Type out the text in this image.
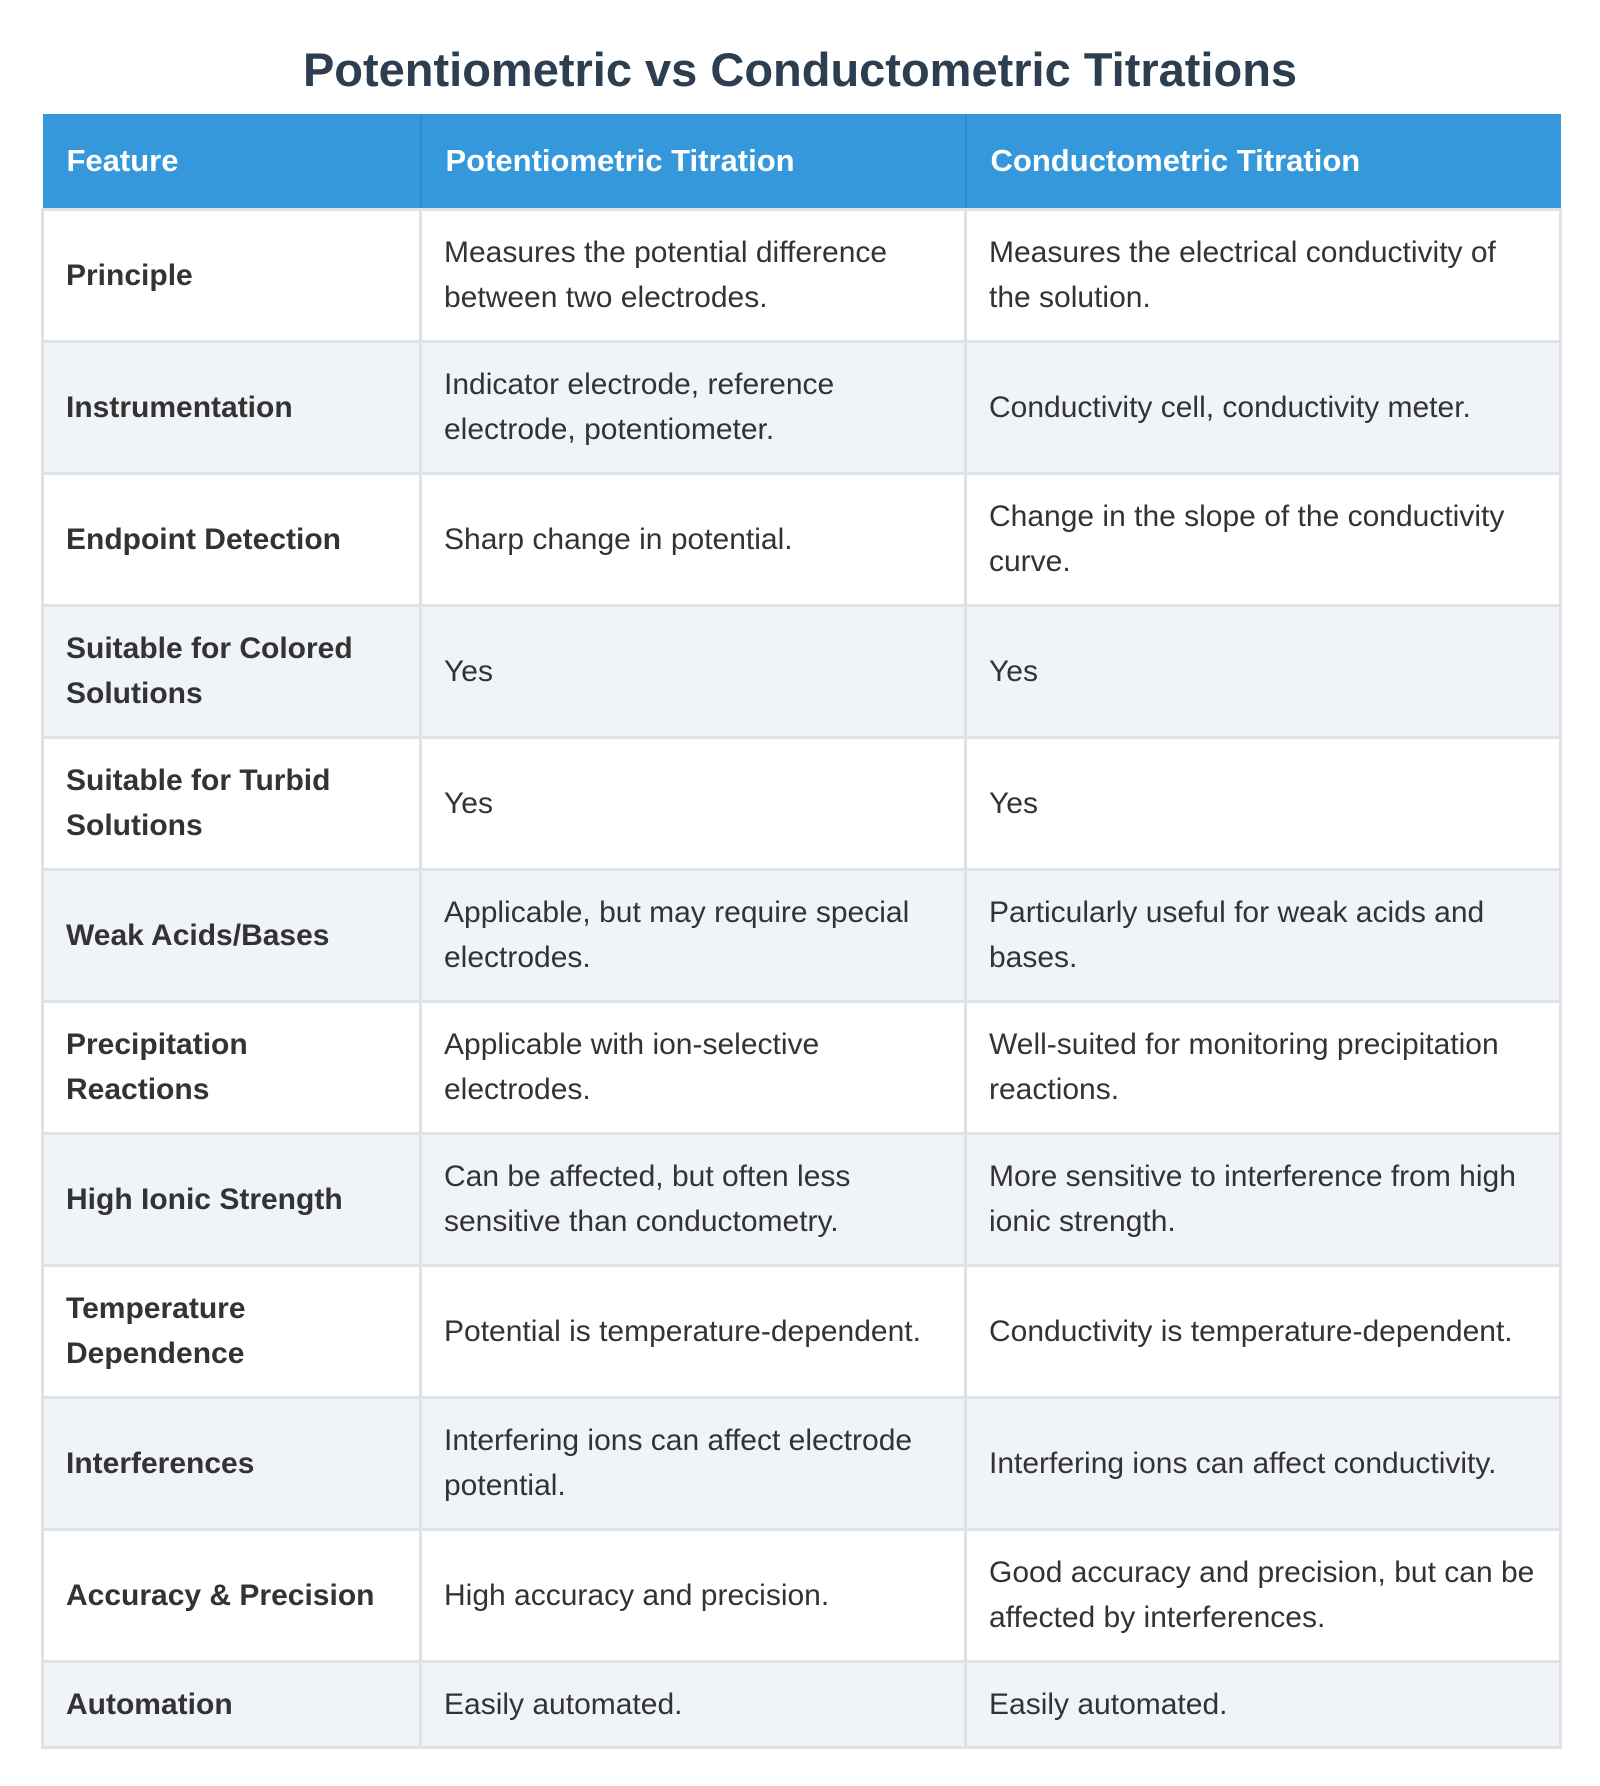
Potentiometric vs Conductometric Titrations
Feature	Potentiometric Titration	Conductometric Titration
Principle	Measures the potential difference between two electrodes.	Measures the electrical conductivity of the solution.
Instrumentation	Indicator electrode, reference electrode, potentiometer.	Conductivity cell, conductivity meter.
Endpoint Detection	Sharp change in potential.	Change in the slope of the conductivity curve.
Suitable for Colored Solutions	Yes	Yes
Suitable for Turbid Solutions	Yes	Yes
Weak Acids/Bases	Applicable, but may require special electrodes.	Particularly useful for weak acids and bases.
Precipitation Reactions	Applicable with ion-selective electrodes.	Well-suited for monitoring precipitation reactions.
High Ionic Strength	Can be affected, but often less sensitive than conductometry.	More sensitive to interference from high ionic strength.
Temperature Dependence	Potential is temperature-dependent.	Conductivity is temperature-dependent.
Interferences	Interfering ions can affect electrode potential.	Interfering ions can affect conductivity.
Accuracy & Precision	High accuracy and precision.	Good accuracy and precision, but can be affected by interferences.
Automation	Easily automated.	Easily automated.
